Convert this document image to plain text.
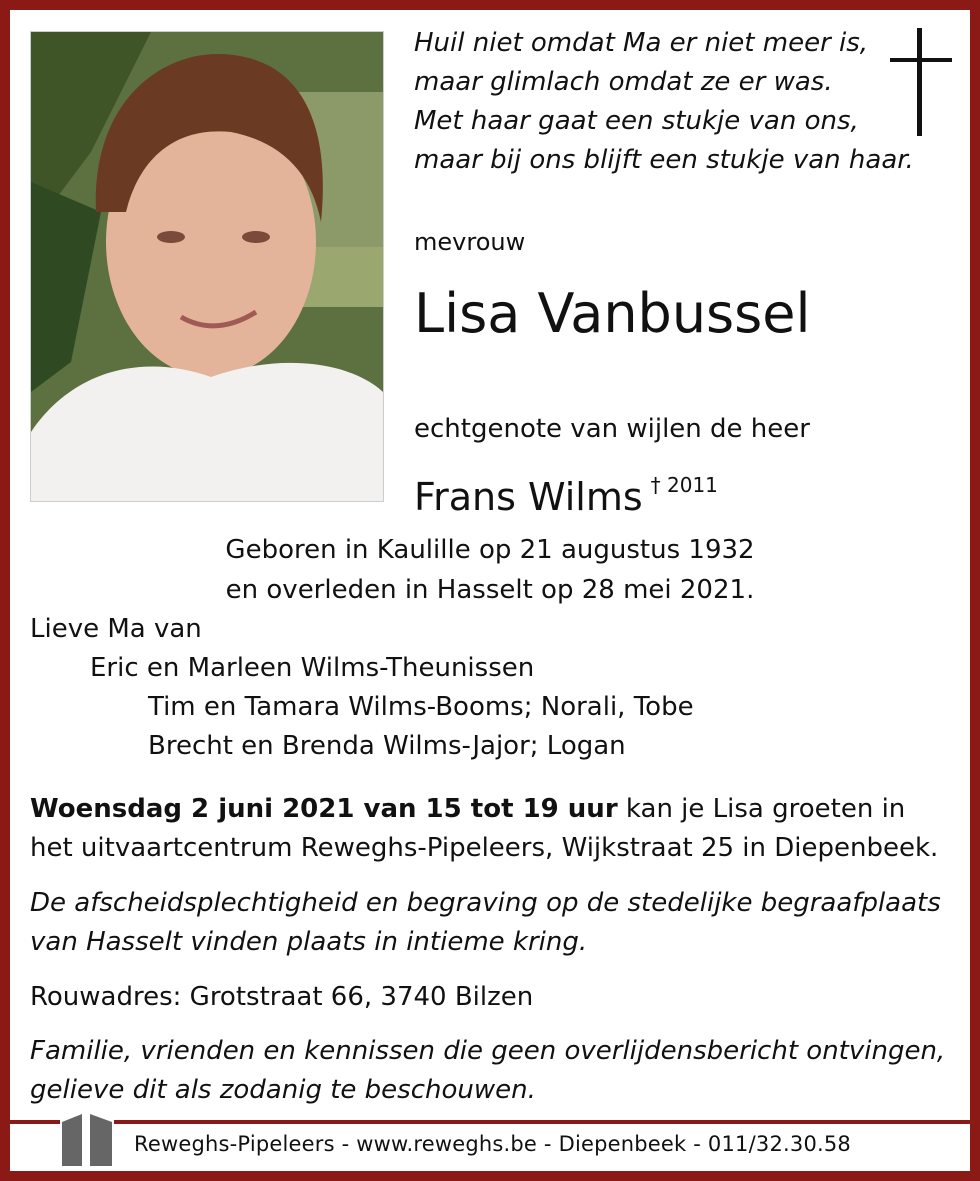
Huil niet omdat Ma er niet meer is,
maar glimlach omdat ze er was.
Met haar gaat een stukje van ons,
maar bij ons blijft een stukje van haar.
mevrouw
Lisa Vanbussel
echtgenote van wijlen de heer
Frans Wilms $^{\dagger 2011}$
Geboren in Kaulille op 21 augustus 1932
en overleden in Hasselt op 28 mei 2021.
Lieve Ma van
Eric en Marleen Wilms-Theunissen
Tim en Tamara Wilms-Booms; Norali, Tobe
Brecht en Brenda Wilms-Jajor; Logan
Woensdag 2 juni 2021 van 15 tot 19 uur kan je Lisa groeten in het uitvaartcentrum Reweghs-Pipeleers, Wijkstraat 25 in Diepenbeek.
De afscheidsplechtigheid en begraving op de stedelijke begraafplaats van Hasselt vinden plaats in intieme kring.
Rouwadres: Grotstraat 66, 3740 Bilzen
Familie, vrienden en kennissen die geen overlijdensbericht ontvingen, gelieve dit als zodanig te beschouwen.
Reweghs-Pipeleers - www.reweghs.be - Diepenbeek - 011/32.30.58
